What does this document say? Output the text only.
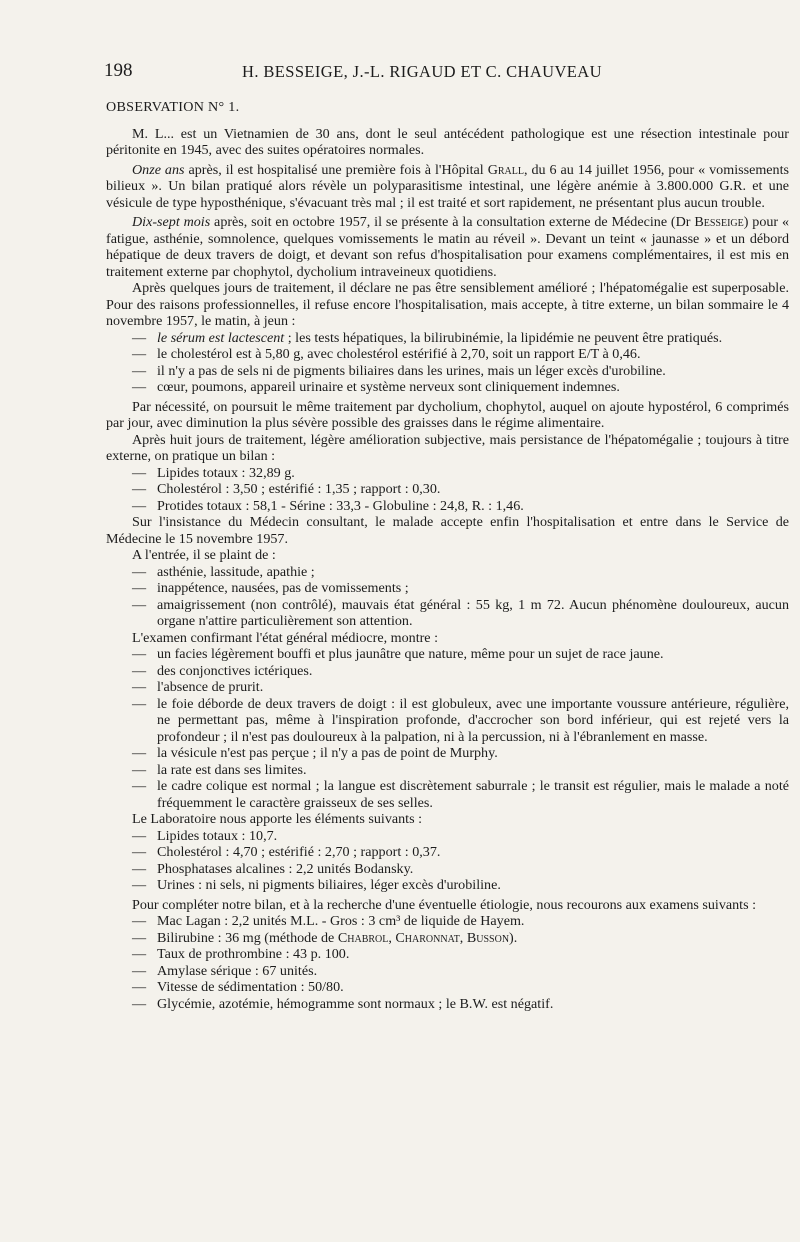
198	H. BESSEIGE, J.-L. RIGAUD ET C. CHAUVEAU
OBSERVATION N° 1.

M. L... est un Vietnamien de 30 ans, dont le seul antécédent pathologique est une résection intestinale pour péritonite en 1945, avec des suites opératoires normales.

Onze ans après, il est hospitalisé une première fois à l'Hôpital Grall, du 6 au 14 juillet 1956, pour « vomissements bilieux ». Un bilan pratiqué alors révèle un polyparasitisme intestinal, une légère anémie à 3.800.000 G.R. et une vésicule de type hyposthénique, s'évacuant très mal ; il est traité et sort rapidement, ne présentant plus aucun trouble.

Dix-sept mois après, soit en octobre 1957, il se présente à la consultation externe de Médecine (Dr Besseige) pour « fatigue, asthénie, somnolence, quelques vomissements le matin au réveil ». Devant un teint « jaunasse » et un débord hépatique de deux travers de doigt, et devant son refus d'hospitalisation pour examens complémentaires, il est mis en traitement externe par chophytol, dycholium intraveineux quotidiens.

Après quelques jours de traitement, il déclare ne pas être sensiblement amélioré ; l'hépatomégalie est superposable. Pour des raisons professionnelles, il refuse encore l'hospitalisation, mais accepte, à titre externe, un bilan sommaire le 4 novembre 1957, le matin, à jeun :

— le sérum est lactescent ; les tests hépatiques, la bilirubinémie, la lipidémie ne peuvent être pratiqués.
— le cholestérol est à 5,80 g, avec cholestérol estérifié à 2,70, soit un rapport E/T à 0,46.
— il n'y a pas de sels ni de pigments biliaires dans les urines, mais un léger excès d'urobiline.
— cœur, poumons, appareil urinaire et système nerveux sont cliniquement indemnes.

Par nécessité, on poursuit le même traitement par dycholium, chophytol, auquel on ajoute hypostérol, 6 comprimés par jour, avec diminution la plus sévère possible des graisses dans le régime alimentaire.

Après huit jours de traitement, légère amélioration subjective, mais persistance de l'hépatomégalie ; toujours à titre externe, on pratique un bilan :

— Lipides totaux : 32,89 g.
— Cholestérol : 3,50 ; estérifié : 1,35 ; rapport : 0,30.
— Protides totaux : 58,1 - Sérine : 33,3 - Globuline : 24,8, R. : 1,46.

Sur l'insistance du Médecin consultant, le malade accepte enfin l'hospitalisation et entre dans le Service de Médecine le 15 novembre 1957.

A l'entrée, il se plaint de :

— asthénie, lassitude, apathie ;
— inappétence, nausées, pas de vomissements ;
— amaigrissement (non contrôlé), mauvais état général : 55 kg, 1 m 72. Aucun phénomène douloureux, aucun organe n'attire particulièrement son attention.

L'examen confirmant l'état général médiocre, montre :

— un facies légèrement bouffi et plus jaunâtre que nature, même pour un sujet de race jaune.
— des conjonctives ictériques.
— l'absence de prurit.
— le foie déborde de deux travers de doigt : il est globuleux, avec une importante voussure antérieure, régulière, ne permettant pas, même à l'inspiration profonde, d'accrocher son bord inférieur, qui est rejeté vers la profondeur ; il n'est pas douloureux à la palpation, ni à la percussion, ni à l'ébranlement en masse.
— la vésicule n'est pas perçue ; il n'y a pas de point de Murphy.
— la rate est dans ses limites.
— le cadre colique est normal ; la langue est discrètement saburrale ; le transit est régulier, mais le malade a noté fréquemment le caractère graisseux de ses selles.

Le Laboratoire nous apporte les éléments suivants :

— Lipides totaux : 10,7.
— Cholestérol : 4,70 ; estérifié : 2,70 ; rapport : 0,37.
— Phosphatases alcalines : 2,2 unités Bodansky.
— Urines : ni sels, ni pigments biliaires, léger excès d'urobiline.

Pour compléter notre bilan, et à la recherche d'une éventuelle étiologie, nous recourons aux examens suivants :

— Mac Lagan : 2,2 unités M.L. - Gros : 3 cm³ de liquide de Hayem.
— Bilirubine : 36 mg (méthode de Chabrol, Charonnat, Busson).
— Taux de prothrombine : 43 p. 100.
— Amylase sérique : 67 unités.
— Vitesse de sédimentation : 50/80.
— Glycémie, azotémie, hémogramme sont normaux ; le B.W. est négatif.
